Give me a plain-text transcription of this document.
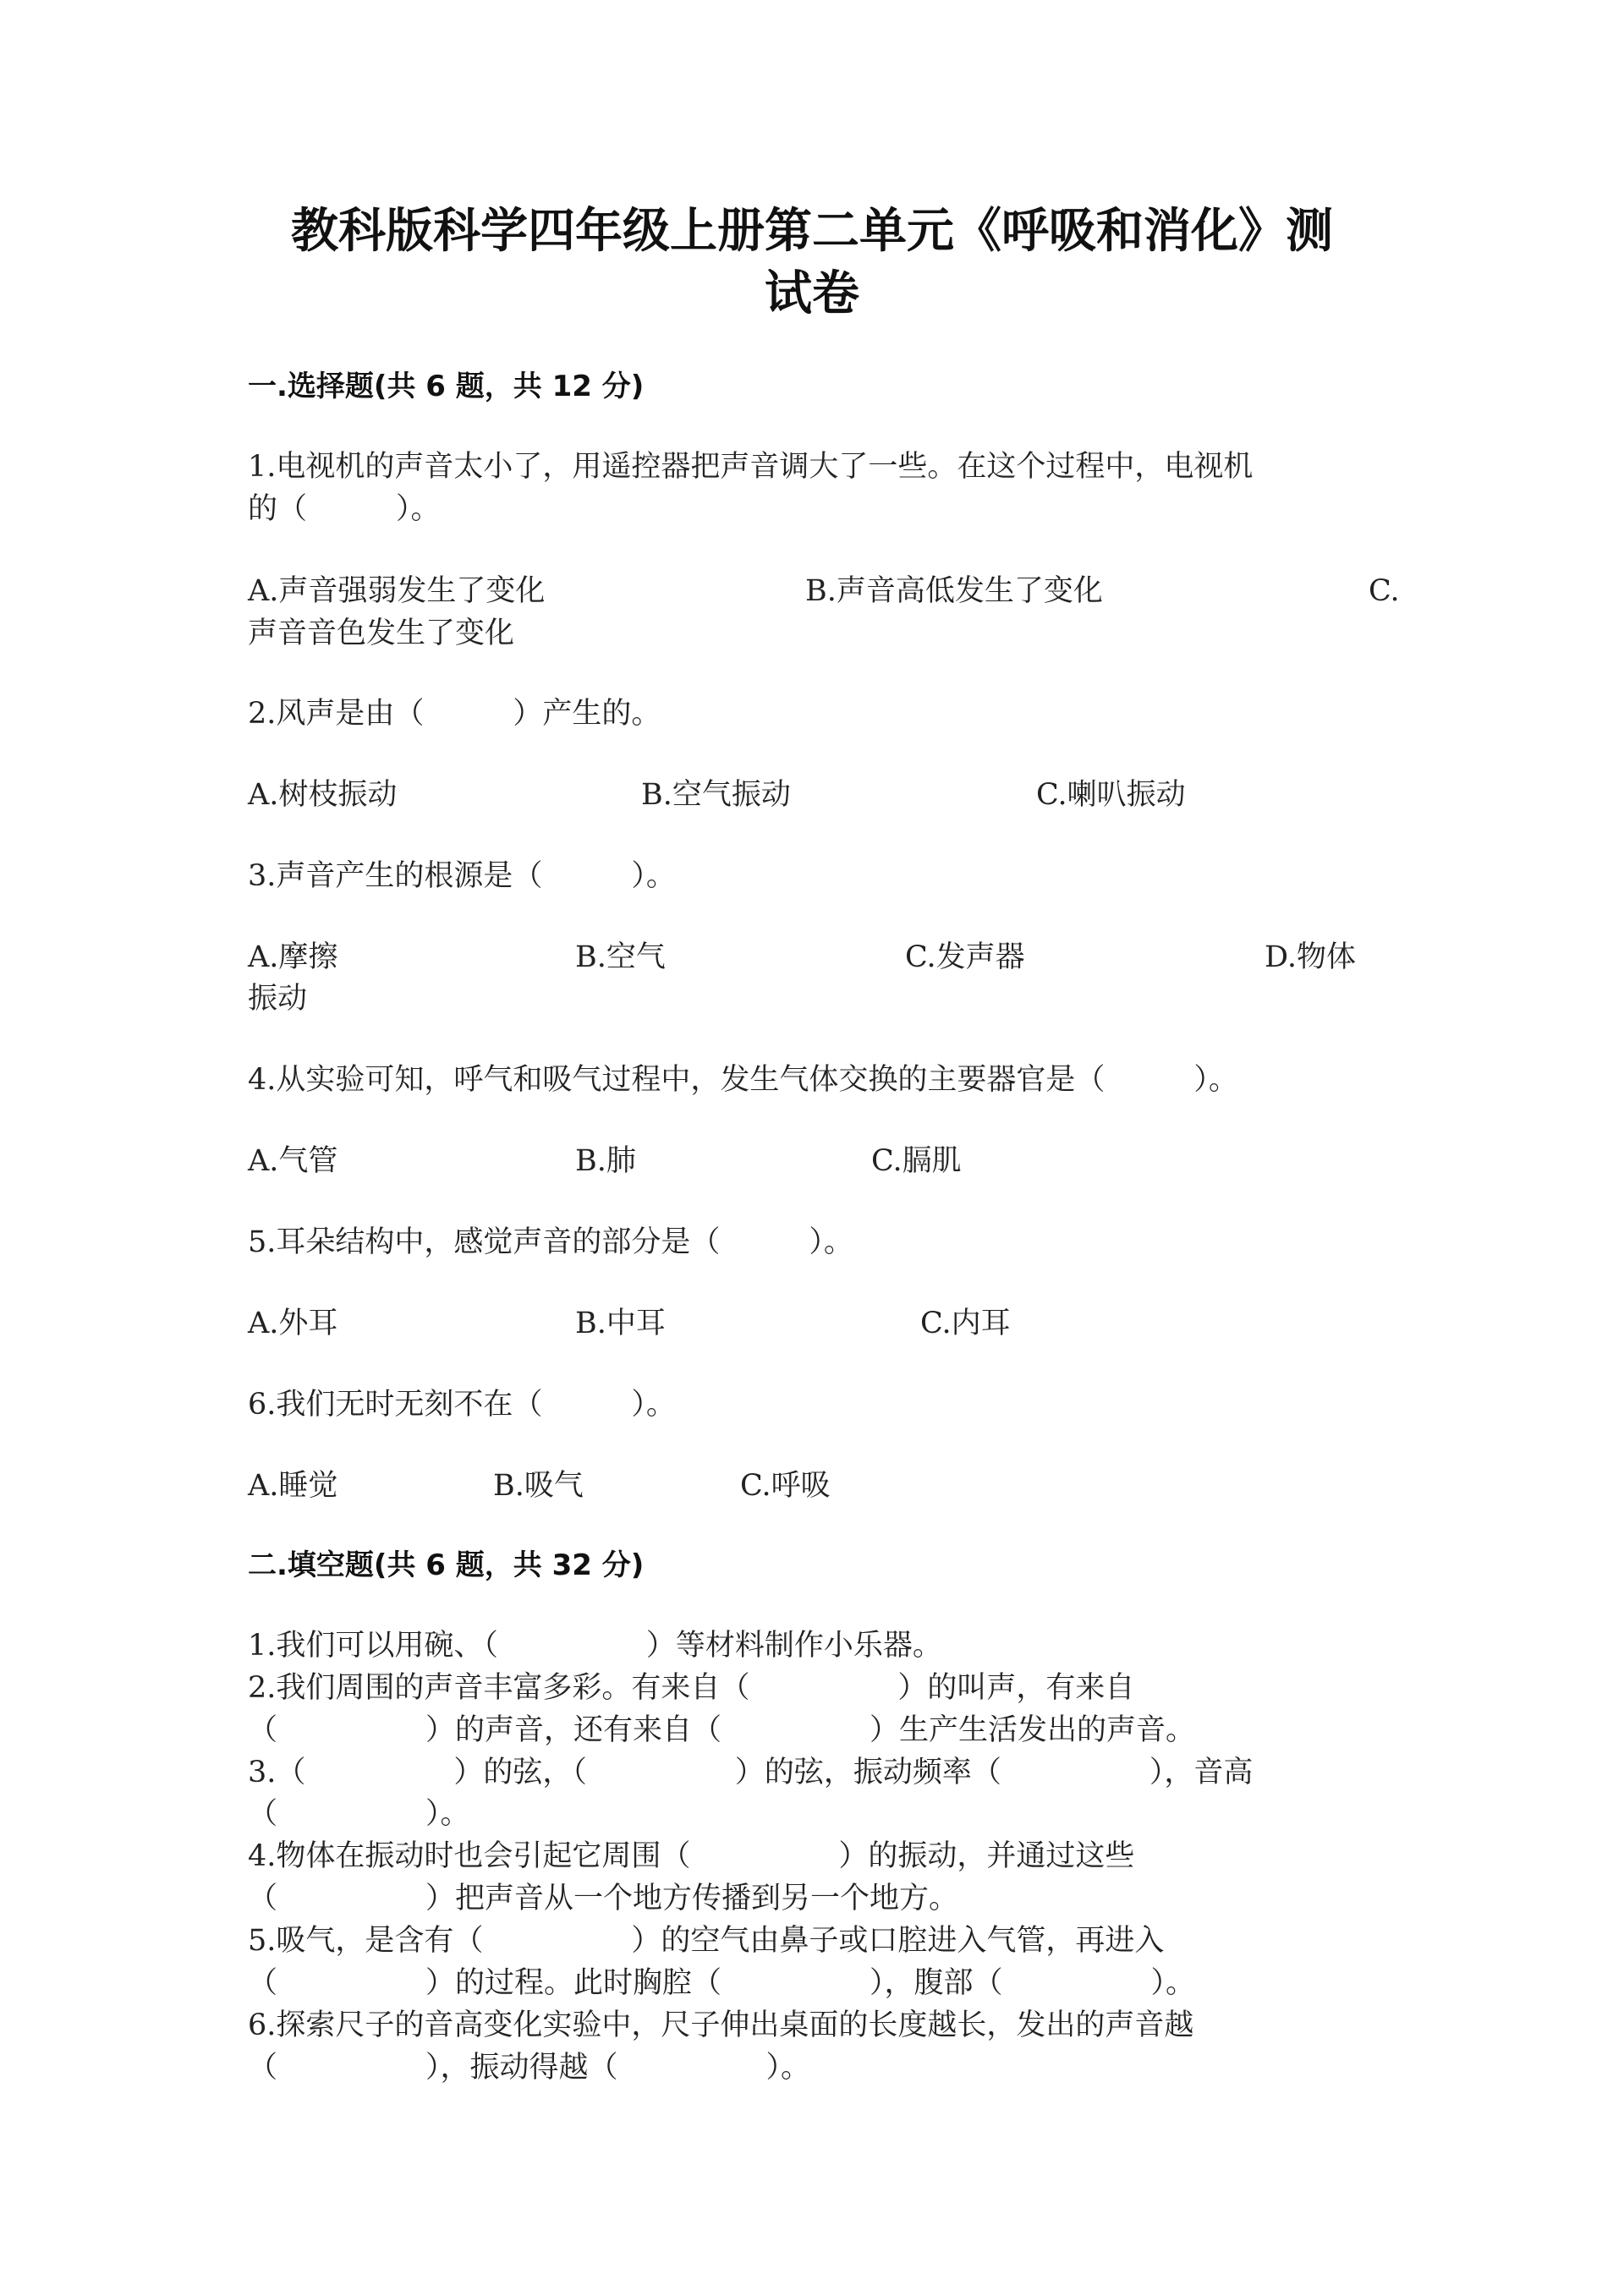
教科版科学四年级上册第二单元《呼吸和消化》测
试卷
一.选择题(共 6 题，共 12 分)
1.电视机的声音太小了，用遥控器把声音调大了一些。在这个过程中，电视机
的（　　　）。
A.声音强弱发生了变化	B.声音高低发生了变化	C.
声音音色发生了变化
2.风声是由（　　　）产生的。
A.树枝振动	B.空气振动	C.喇叭振动
3.声音产生的根源是（　　　）。
A.摩擦	B.空气	C.发声器	D.物体
振动
4.从实验可知，呼气和吸气过程中，发生气体交换的主要器官是（　　　）。
A.气管	B.肺	C.膈肌
5.耳朵结构中，感觉声音的部分是（　　　）。
A.外耳	B.中耳	C.内耳
6.我们无时无刻不在（　　　）。
A.睡觉	B.吸气	C.呼吸
二.填空题(共 6 题，共 32 分)
1.我们可以用碗、（　　　　　）等材料制作小乐器。
2.我们周围的声音丰富多彩。有来自（　　　　　）的叫声，有来自
（　　　　　）的声音，还有来自（　　　　　）生产生活发出的声音。
3.（　　　　　）的弦，（　　　　　）的弦，振动频率（　　　　　），音高
（　　　　　）。
4.物体在振动时也会引起它周围（　　　　　）的振动，并通过这些
（　　　　　）把声音从一个地方传播到另一个地方。
5.吸气，是含有（　　　　　）的空气由鼻子或口腔进入气管，再进入
（　　　　　）的过程。此时胸腔（　　　　　），腹部（　　　　　）。
6.探索尺子的音高变化实验中，尺子伸出桌面的长度越长，发出的声音越
（　　　　　），振动得越（　　　　　）。
